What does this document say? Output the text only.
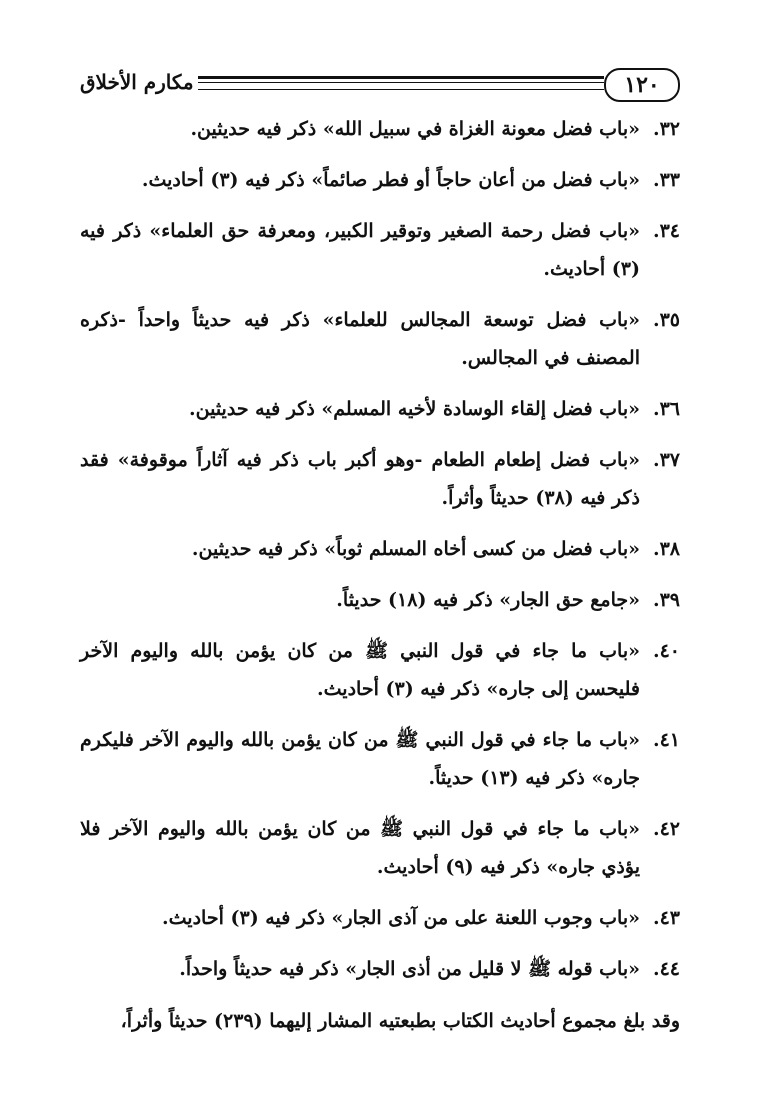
١٢٠
مكارم الأخلاق
٣٢.
«باب فضل معونة الغزاة في سبيل الله» ذكر فيه حديثين.
٣٣.
«باب فضل من أعان حاجاً أو فطر صائماً» ذكر فيه (٣) أحاديث.
٣٤.
«باب فضل رحمة الصغير وتوقير الكبير، ومعرفة حق العلماء» ذكر فيه (٣) أحاديث.
٣٥.
«باب فضل توسعة المجالس للعلماء» ذكر فيه حديثاً واحداً -ذكره المصنف في المجالس.
٣٦.
«باب فضل إلقاء الوسادة لأخيه المسلم» ذكر فيه حديثين.
٣٧.
«باب فضل إطعام الطعام -وهو أكبر باب ذكر فيه آثاراً موقوفة» فقد ذكر فيه (٣٨) حديثاً وأثراً.
٣٨.
«باب فضل من كسى أخاه المسلم ثوباً» ذكر فيه حديثين.
٣٩.
«جامع حق الجار» ذكر فيه (١٨) حديثاً.
٤٠.
«باب ما جاء في قول النبي ﷺ من كان يؤمن بالله واليوم الآخر فليحسن إلى جاره» ذكر فيه (٣) أحاديث.
٤١.
«باب ما جاء في قول النبي ﷺ من كان يؤمن بالله واليوم الآخر فليكرم جاره» ذكر فيه (١٣) حديثاً.
٤٢.
«باب ما جاء في قول النبي ﷺ من كان يؤمن بالله واليوم الآخر فلا يؤذي جاره» ذكر فيه (٩) أحاديث.
٤٣.
«باب وجوب اللعنة على من آذى الجار» ذكر فيه (٣) أحاديث.
٤٤.
«باب قوله ﷺ لا قليل من أذى الجار» ذكر فيه حديثاً واحداً.
وقد بلغ مجموع أحاديث الكتاب بطبعتيه المشار إليهما (٢٣٩) حديثاً وأثراً،
